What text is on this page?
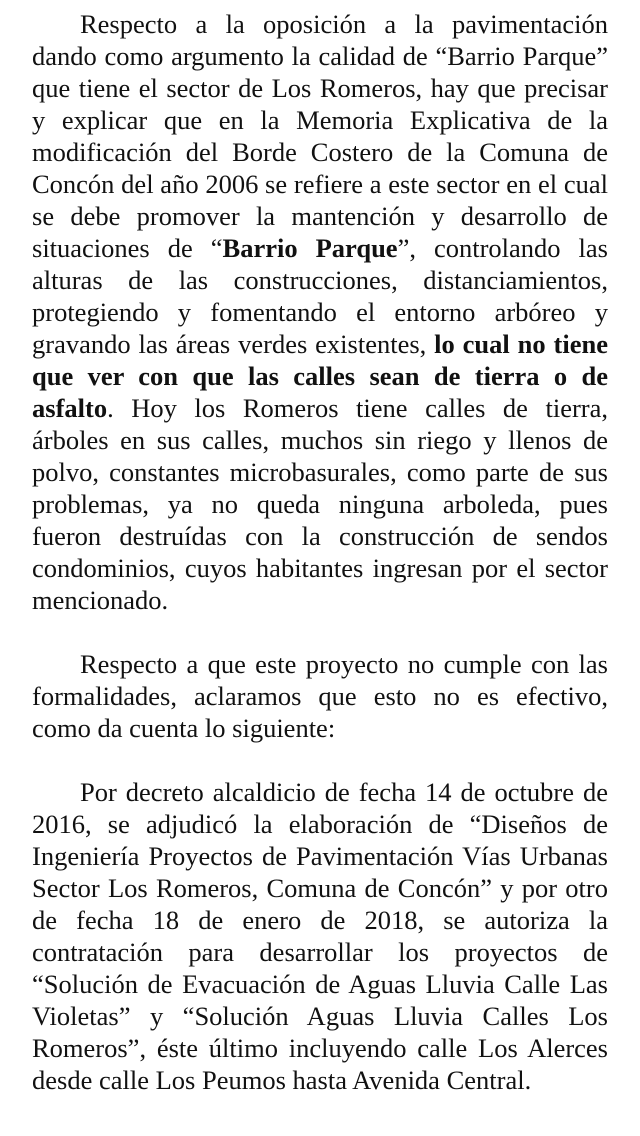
Respecto a la oposición a la pavimentación dando como argumento la calidad de “Barrio Parque” que tiene el sector de Los Romeros, hay que precisar y explicar que en la Memoria Explicativa de la modificación del Borde Costero de la Comuna de Concón del año 2006 se refiere a este sector en el cual se debe promover la mantención y desarrollo de situaciones de “Barrio Parque”, controlando las alturas de las construcciones, distanciamientos, protegiendo y fomentando el entorno arbóreo y gravando las áreas verdes existentes, lo cual no tiene que ver con que las calles sean de tierra o de asfalto. Hoy los Romeros tiene calles de tierra, árboles en sus calles, muchos sin riego y llenos de polvo, constantes microbasurales, como parte de sus problemas, ya no queda ninguna arboleda, pues fueron destruídas con la construcción de sendos condominios, cuyos habitantes ingresan por el sector mencionado.

Respecto a que este proyecto no cumple con las formalidades, aclaramos que esto no es efectivo, como da cuenta lo siguiente:

Por decreto alcaldicio de fecha 14 de octubre de 2016, se adjudicó la elaboración de “Diseños de Ingeniería Proyectos de Pavimentación Vías Urbanas Sector Los Romeros, Comuna de Concón” y por otro de fecha 18 de enero de 2018, se autoriza la contratación para desarrollar los proyectos de “Solución de Evacuación de Aguas Lluvia Calle Las Violetas” y “Solución Aguas Lluvia Calles Los Romeros”, éste último incluyendo calle Los Alerces desde calle Los Peumos hasta Avenida Central.
